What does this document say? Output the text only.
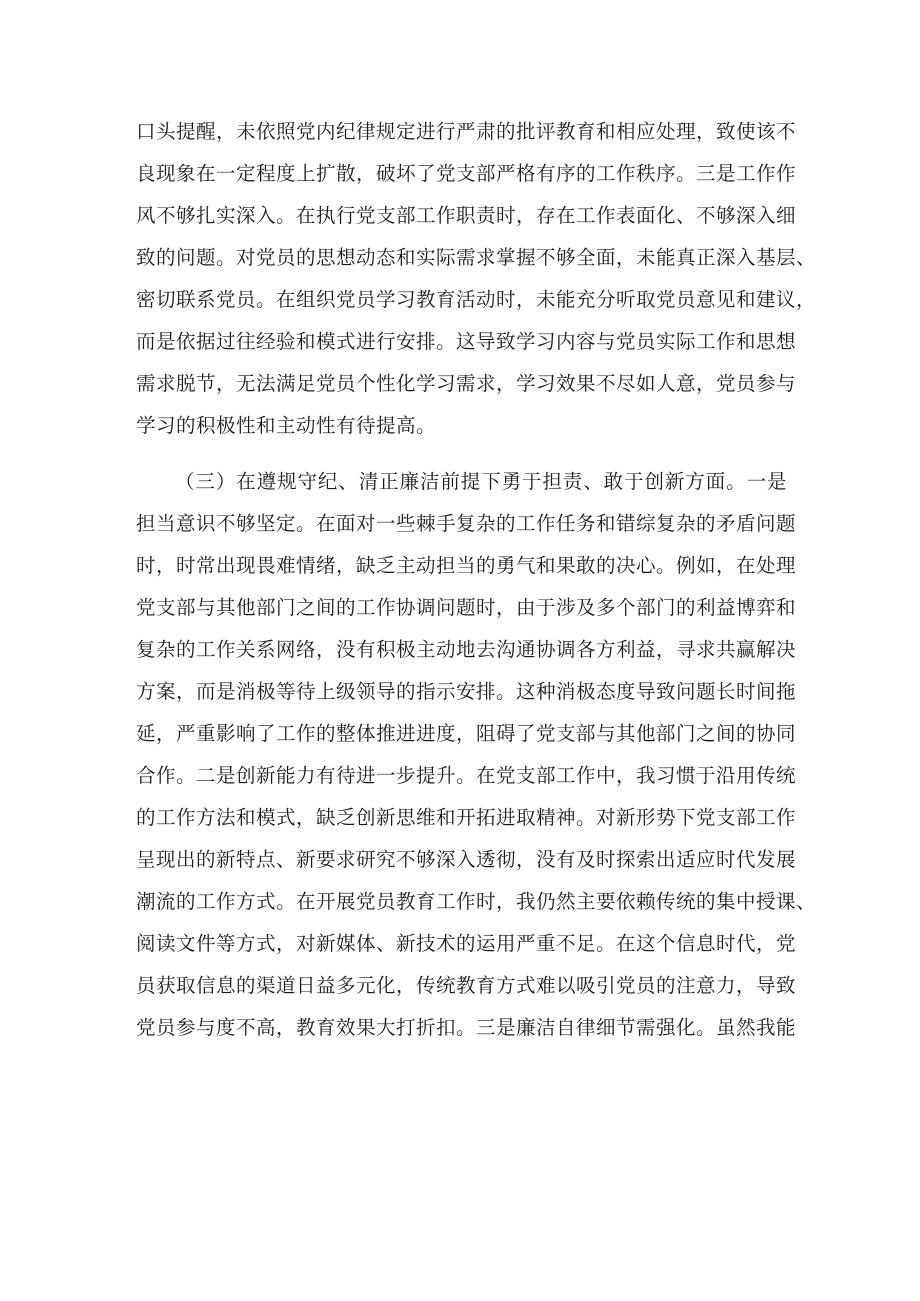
口头提醒，未依照党内纪律规定进行严肃的批评教育和相应处理，致使该不
良现象在一定程度上扩散，破坏了党支部严格有序的工作秩序。三是工作作
风不够扎实深入。在执行党支部工作职责时，存在工作表面化、不够深入细
致的问题。对党员的思想动态和实际需求掌握不够全面，未能真正深入基层、
密切联系党员。在组织党员学习教育活动时，未能充分听取党员意见和建议，
而是依据过往经验和模式进行安排。这导致学习内容与党员实际工作和思想
需求脱节，无法满足党员个性化学习需求，学习效果不尽如人意，党员参与
学习的积极性和主动性有待提高。
（三）在遵规守纪、清正廉洁前提下勇于担责、敢于创新方面。一是
担当意识不够坚定。在面对一些棘手复杂的工作任务和错综复杂的矛盾问题
时，时常出现畏难情绪，缺乏主动担当的勇气和果敢的决心。例如，在处理
党支部与其他部门之间的工作协调问题时，由于涉及多个部门的利益博弈和
复杂的工作关系网络，没有积极主动地去沟通协调各方利益，寻求共赢解决
方案，而是消极等待上级领导的指示安排。这种消极态度导致问题长时间拖
延，严重影响了工作的整体推进进度，阻碍了党支部与其他部门之间的协同
合作。二是创新能力有待进一步提升。在党支部工作中，我习惯于沿用传统
的工作方法和模式，缺乏创新思维和开拓进取精神。对新形势下党支部工作
呈现出的新特点、新要求研究不够深入透彻，没有及时探索出适应时代发展
潮流的工作方式。在开展党员教育工作时，我仍然主要依赖传统的集中授课、
阅读文件等方式，对新媒体、新技术的运用严重不足。在这个信息时代，党
员获取信息的渠道日益多元化，传统教育方式难以吸引党员的注意力，导致
党员参与度不高，教育效果大打折扣。三是廉洁自律细节需强化。虽然我能
